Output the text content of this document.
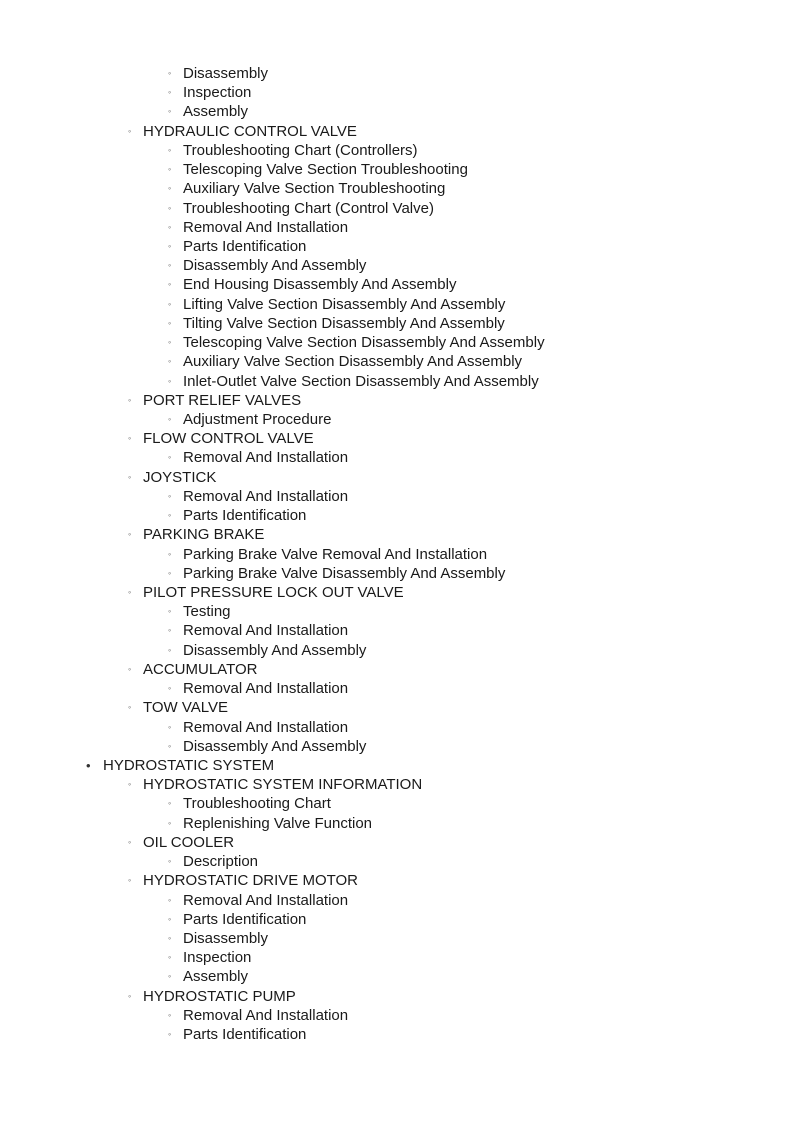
◦ Disassembly
◦ Inspection
◦ Assembly
◦ HYDRAULIC CONTROL VALVE
◦ Troubleshooting Chart (Controllers)
◦ Telescoping Valve Section Troubleshooting
◦ Auxiliary Valve Section Troubleshooting
◦ Troubleshooting Chart (Control Valve)
◦ Removal And Installation
◦ Parts Identification
◦ Disassembly And Assembly
◦ End Housing Disassembly And Assembly
◦ Lifting Valve Section Disassembly And Assembly
◦ Tilting Valve Section Disassembly And Assembly
◦ Telescoping Valve Section Disassembly And Assembly
◦ Auxiliary Valve Section Disassembly And Assembly
◦ Inlet-Outlet Valve Section Disassembly And Assembly
◦ PORT RELIEF VALVES
◦ Adjustment Procedure
◦ FLOW CONTROL VALVE
◦ Removal And Installation
◦ JOYSTICK
◦ Removal And Installation
◦ Parts Identification
◦ PARKING BRAKE
◦ Parking Brake Valve Removal And Installation
◦ Parking Brake Valve Disassembly And Assembly
◦ PILOT PRESSURE LOCK OUT VALVE
◦ Testing
◦ Removal And Installation
◦ Disassembly And Assembly
◦ ACCUMULATOR
◦ Removal And Installation
◦ TOW VALVE
◦ Removal And Installation
◦ Disassembly And Assembly
• HYDROSTATIC SYSTEM
◦ HYDROSTATIC SYSTEM INFORMATION
◦ Troubleshooting Chart
◦ Replenishing Valve Function
◦ OIL COOLER
◦ Description
◦ HYDROSTATIC DRIVE MOTOR
◦ Removal And Installation
◦ Parts Identification
◦ Disassembly
◦ Inspection
◦ Assembly
◦ HYDROSTATIC PUMP
◦ Removal And Installation
◦ Parts Identification
